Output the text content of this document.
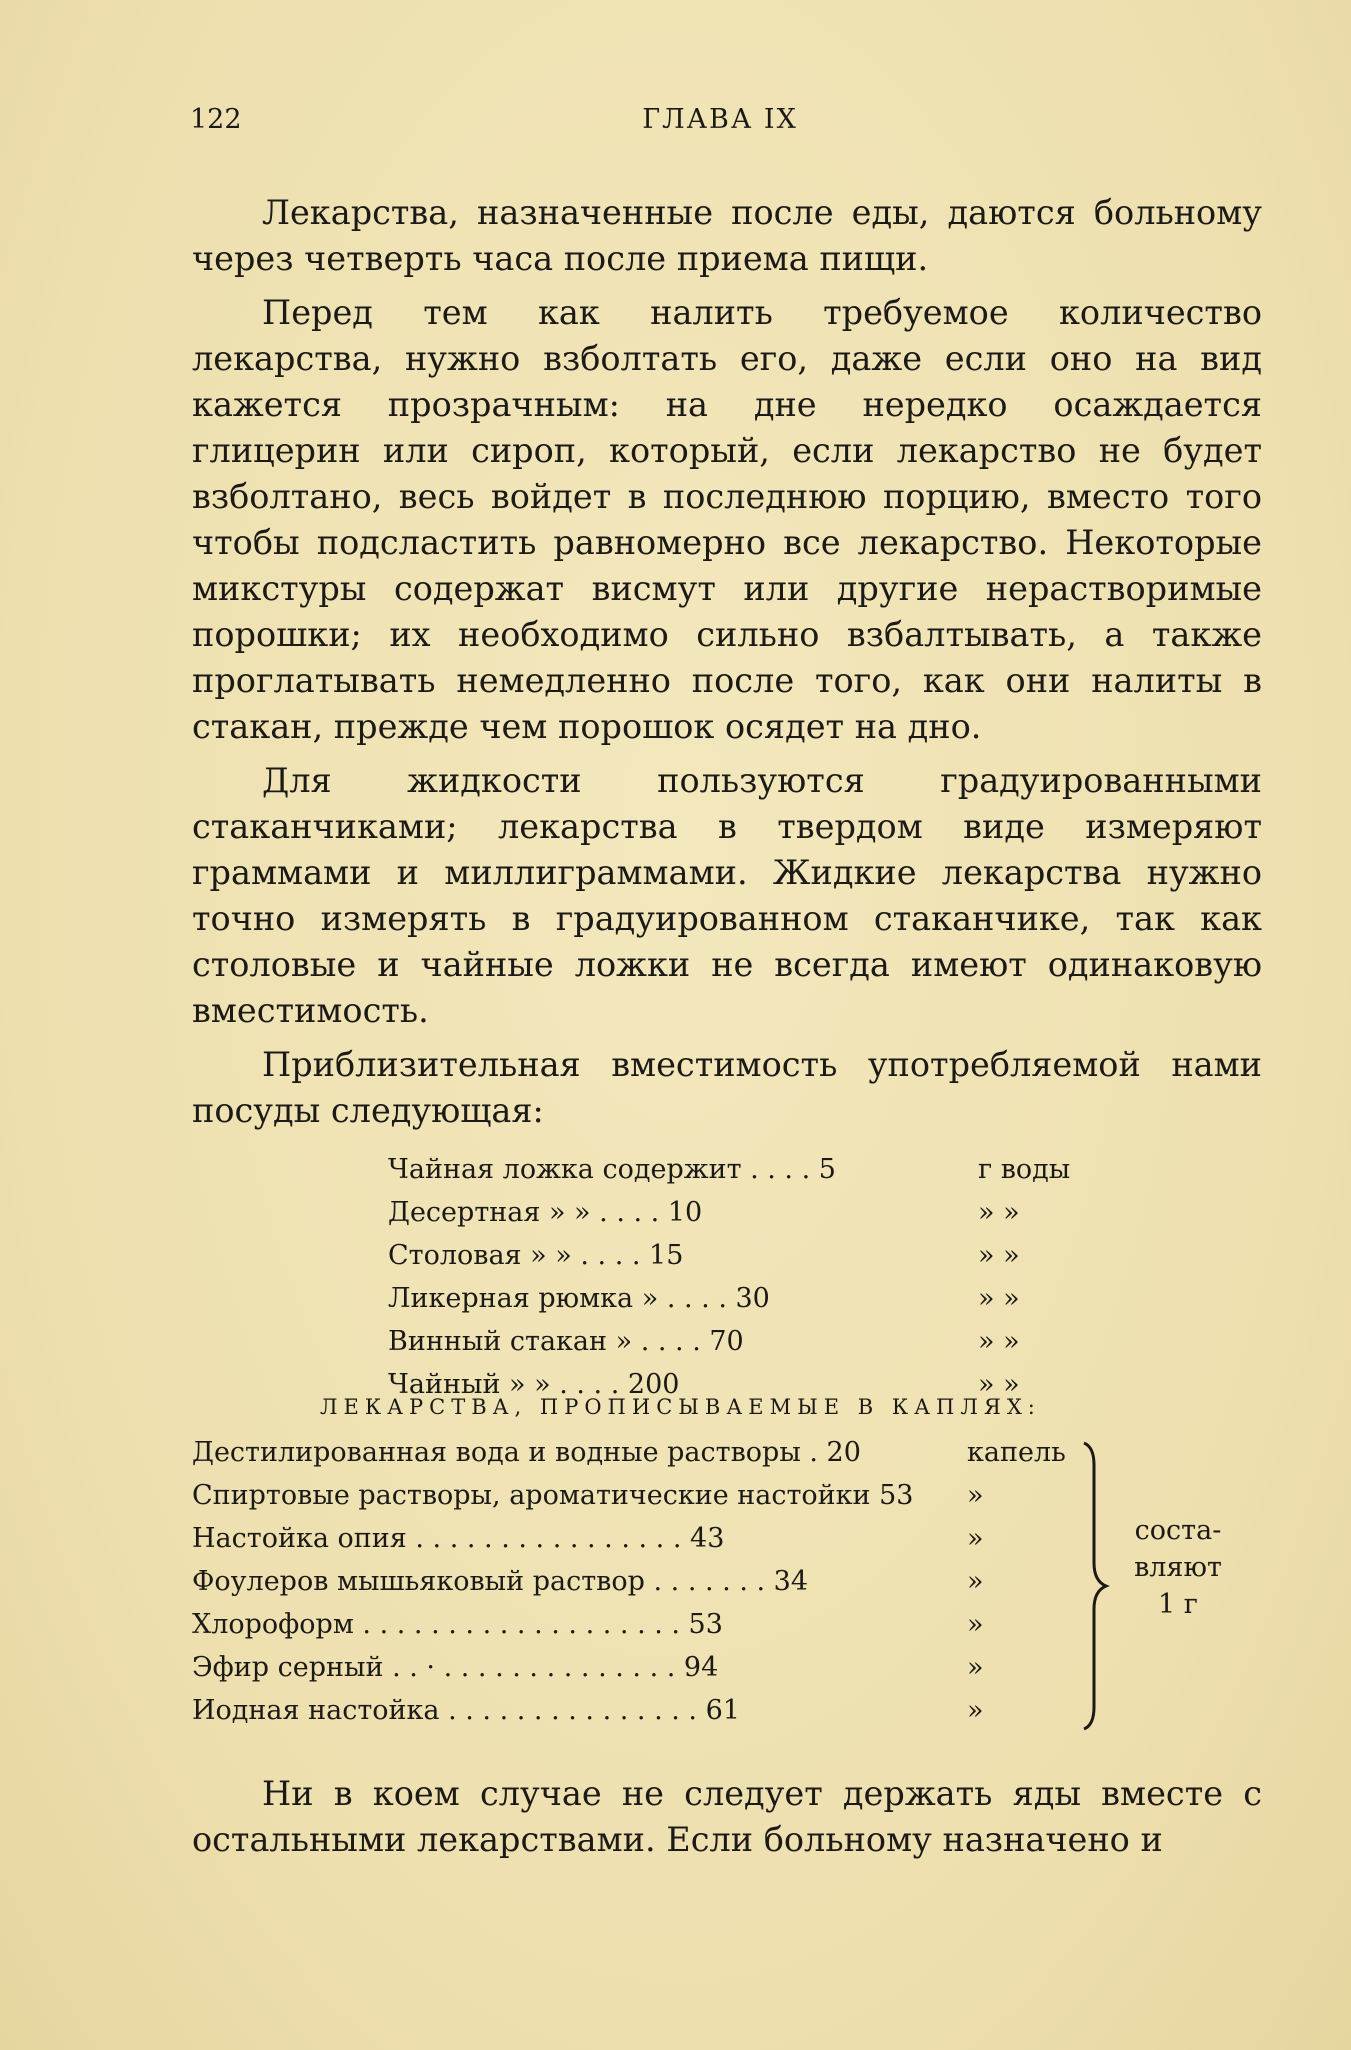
122	ГЛАВА IX

Лекарства, назначенные после еды, даются больному через четверть часа после приема пищи.

Перед тем как налить требуемое количество лекарства, нужно взболтать его, даже если оно на вид кажется прозрачным: на дне нередко осаждается глицерин или сироп, который, если лекарство не будет взболтано, весь войдет в последнюю порцию, вместо того чтобы подсластить равномерно все лекарство. Некоторые микстуры содержат висмут или другие нерастворимые порошки; их необходимо сильно взбалтывать, а также проглатывать немедленно после того, как они налиты в стакан, прежде чем порошок осядет на дно.

Для жидкости пользуются градуированными стаканчиками; лекарства в твердом виде измеряют граммами и миллиграммами. Жидкие лекарства нужно точно измерять в градуированном стаканчике, так как столовые и чайные ложки не всегда имеют одинаковую вместимость.

Приблизительная вместимость употребляемой нами посуды следующая:

Чайная ложка содержит . . . . 5	г воды
Десертная » » . . . . 10	» »
Столовая » » . . . . 15	» »
Ликерная рюмка » . . . . 30	» »
Винный стакан » . . . . 70	» »
Чайный » » . . . . 200	» »
ЛЕКАРСТВА, ПРОПИСЫВАЕМЫЕ В КАПЛЯХ:
Дестилированная вода и водные растворы . 20	капель
Спиртовые растворы, ароматические настойки 53 »
Настойка опия . . . . . . . . . . . . . . . . 43	»
Фоулеров мышьяковый раствор . . . . . . . 34	»
Хлороформ . . . . . . . . . . . . . . . . . . . 53	»
Эфир серный . . · . . . . . . . . . . . . . . 94	»
Иодная настойка . . . . . . . . . . . . . . . 61	»
соста-
вляют
1 г

Ни в коем случае не следует держать яды вместе с остальными лекарствами. Если больному назначено и
